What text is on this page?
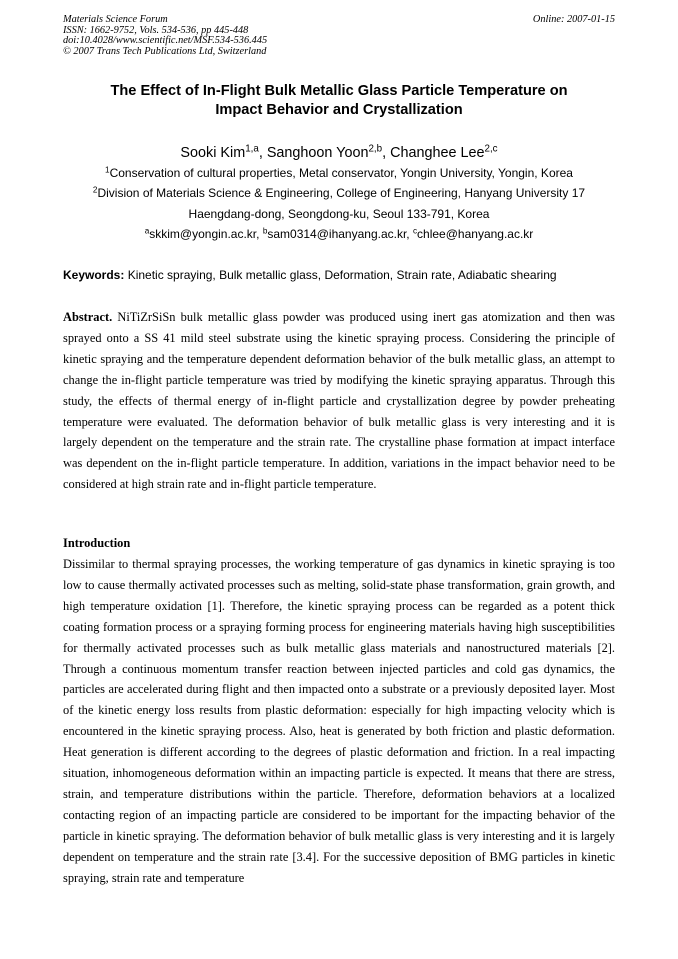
Materials Science Forum
ISSN: 1662-9752, Vols. 534-536, pp 445-448
doi:10.4028/www.scientific.net/MSF.534-536.445
© 2007 Trans Tech Publications Ltd, Switzerland
Online: 2007-01-15
The Effect of In-Flight Bulk Metallic Glass Particle Temperature on
Impact Behavior and Crystallization
Sooki Kim$^{1,a}$, Sanghoon Yoon$^{2,b}$, Changhee Lee$^{2,c}$
$^1$Conservation of cultural properties, Metal conservator, Yongin University, Yongin, Korea
$^2$Division of Materials Science & Engineering, College of Engineering, Hanyang University 17
Haengdang-dong, Seongdong-ku, Seoul 133-791, Korea
$^a$skkim@yongin.ac.kr, $^b$sam0314@ihanyang.ac.kr, $^c$chlee@hanyang.ac.kr
Keywords: Kinetic spraying, Bulk metallic glass, Deformation, Strain rate, Adiabatic shearing
Abstract. NiTiZrSiSn bulk metallic glass powder was produced using inert gas atomization and then was sprayed onto a SS 41 mild steel substrate using the kinetic spraying process. Considering the principle of kinetic spraying and the temperature dependent deformation behavior of the bulk metallic glass, an attempt to change the in-flight particle temperature was tried by modifying the kinetic spraying apparatus. Through this study, the effects of thermal energy of in-flight particle and crystallization degree by powder preheating temperature were evaluated. The deformation behavior of bulk metallic glass is very interesting and it is largely dependent on the temperature and the strain rate. The crystalline phase formation at impact interface was dependent on the in-flight particle temperature. In addition, variations in the impact behavior need to be considered at high strain rate and in-flight particle temperature.
Introduction
Dissimilar to thermal spraying processes, the working temperature of gas dynamics in kinetic spraying is too low to cause thermally activated processes such as melting, solid-state phase transformation, grain growth, and high temperature oxidation [1]. Therefore, the kinetic spraying process can be regarded as a potent thick coating formation process or a spraying forming process for engineering materials having high susceptibilities for thermally activated processes such as bulk metallic glass materials and nanostructured materials [2]. Through a continuous momentum transfer reaction between injected particles and cold gas dynamics, the particles are accelerated during flight and then impacted onto a substrate or a previously deposited layer. Most of the kinetic energy loss results from plastic deformation: especially for high impacting velocity which is encountered in the kinetic spraying process. Also, heat is generated by both friction and plastic deformation. Heat generation is different according to the degrees of plastic deformation and friction. In a real impacting situation, inhomogeneous deformation within an impacting particle is expected. It means that there are stress, strain, and temperature distributions within the particle. Therefore, deformation behaviors at a localized contacting region of an impacting particle are considered to be important for the impacting behavior of the particle in kinetic spraying. The deformation behavior of bulk metallic glass is very interesting and it is largely dependent on temperature and the strain rate [3.4]. For the successive deposition of BMG particles in kinetic spraying, strain rate and temperature
